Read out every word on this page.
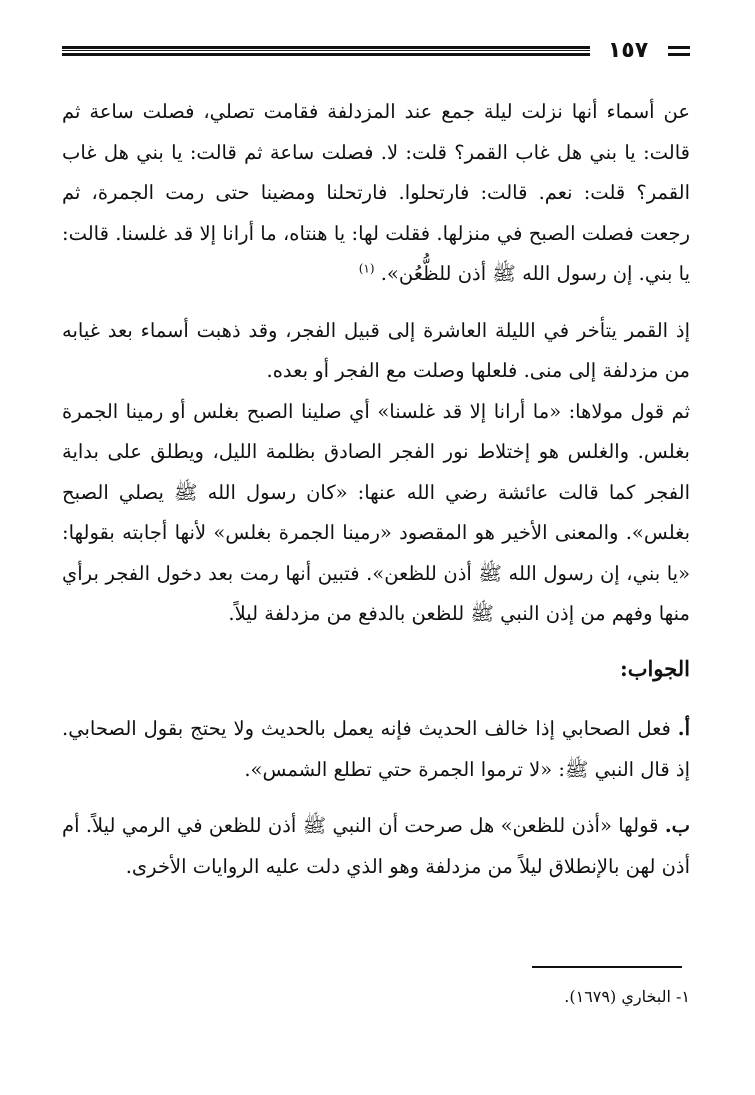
١٥٧

عن أسماء أنها نزلت ليلة جمع عند المزدلفة فقامت تصلي، فصلت ساعة ثم قالت: يا بني هل غاب القمر؟ قلت: لا. فصلت ساعة ثم قالت: يا بني هل غاب القمر؟ قلت: نعم. قالت: فارتحلوا. فارتحلنا ومضينا حتى رمت الجمرة، ثم رجعت فصلت الصبح في منزلها. فقلت لها: يا هنتاه، ما أرانا إلا قد غلسنا. قالت: يا بني. إن رسول الله ﷺ أذن للظُّعُن». $^{(١)}$

إذ القمر يتأخر في الليلة العاشرة إلى قبيل الفجر، وقد ذهبت أسماء بعد غيابه من مزدلفة إلى منى. فلعلها وصلت مع الفجر أو بعده.

ثم قول مولاها: «ما أرانا إلا قد غلسنا» أي صلينا الصبح بغلس أو رمينا الجمرة بغلس. والغلس هو إختلاط نور الفجر الصادق بظلمة الليل، ويطلق على بداية الفجر كما قالت عائشة رضي الله عنها: «كان رسول الله ﷺ يصلي الصبح بغلس». والمعنى الأخير هو المقصود «رمينا الجمرة بغلس» لأنها أجابته بقولها: «يا بني، إن رسول الله ﷺ أذن للظعن». فتبين أنها رمت بعد دخول الفجر برأي منها وفهم من إذن النبي ﷺ للظعن بالدفع من مزدلفة ليلاً.

الجواب:

أ. فعل الصحابي إذا خالف الحديث فإنه يعمل بالحديث ولا يحتج بقول الصحابي. إذ قال النبي ﷺ: «لا ترموا الجمرة حتي تطلع الشمس».

ب. قولها «أذن للظعن» هل صرحت أن النبي ﷺ أذن للظعن في الرمي ليلاً. أم أذن لهن بالإنطلاق ليلاً من مزدلفة وهو الذي دلت عليه الروايات الأخرى.

١- البخاري (١٦٧٩).
